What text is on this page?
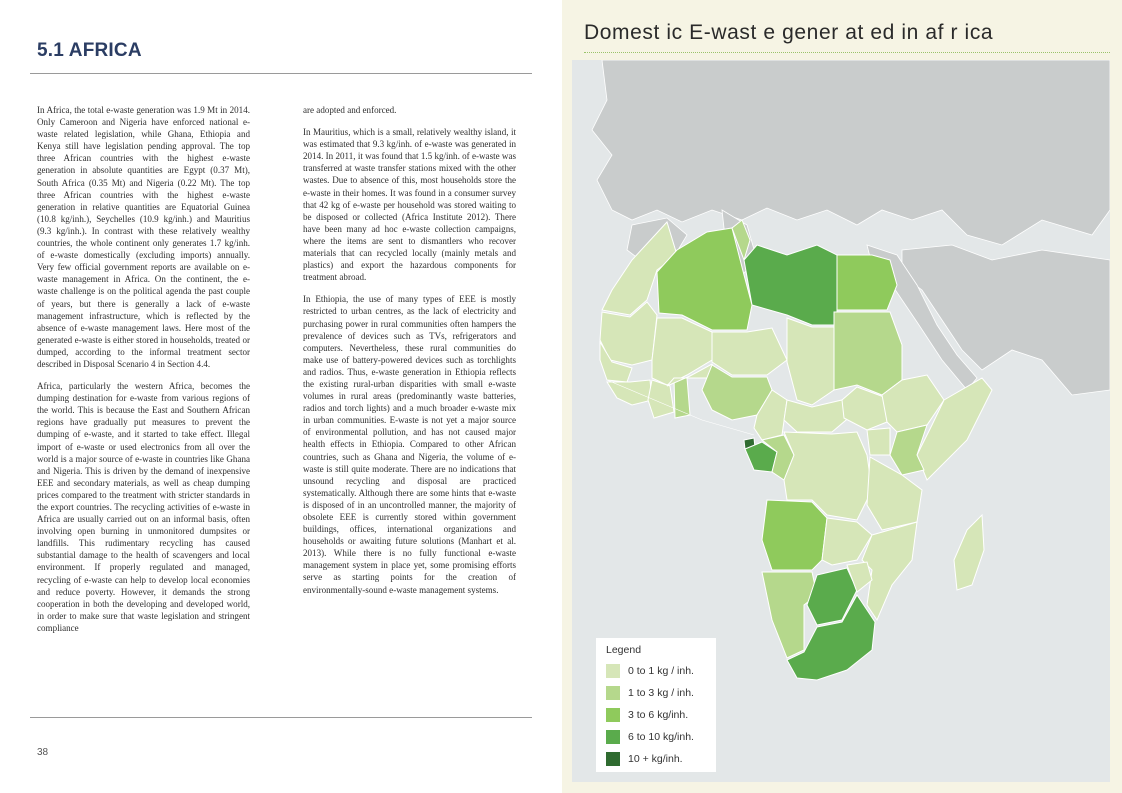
5.1 AFRICA

In Africa, the total e-waste generation was 1.9 Mt in 2014. Only Cameroon and Nigeria have enforced national e-waste related legislation, while Ghana, Ethiopia and Kenya still have legislation pending approval. The top three African countries with the highest e-waste generation in absolute quantities are Egypt (0.37 Mt), South Africa (0.35 Mt) and Nigeria (0.22 Mt). The top three African countries with the highest e-waste generation in relative quantities are Equatorial Guinea (10.8 kg/inh.), Seychelles (10.9 kg/inh.) and Mauritius (9.3 kg/inh.). In contrast with these relatively wealthy countries, the whole continent only generates 1.7 kg/inh. of e-waste domestically (excluding imports) annually. Very few official government reports are available on e-waste management in Africa. On the continent, the e-waste challenge is on the political agenda the past couple of years, but there is generally a lack of e-waste management infrastructure, which is reflected by the absence of e-waste management laws. Here most of the generated e-waste is either stored in households, treated or dumped, according to the informal treatment sector described in Disposal Scenario 4 in Section 4.4.

Africa, particularly the western Africa, becomes the dumping destination for e-waste from various regions of the world. This is because the East and Southern African regions have gradually put measures to prevent the dumping of e-waste, and it started to take effect. Illegal import of e-waste or used electronics from all over the world is a major source of e-waste in countries like Ghana and Nigeria. This is driven by the demand of inexpensive EEE and secondary materials, as well as cheap dumping prices compared to the treatment with stricter standards in the export countries. The recycling activities of e-waste in Africa are usually carried out on an informal basis, often involving open burning in unmonitored dumpsites or landfills. This rudimentary recycling has caused substantial damage to the health of scavengers and local environment. If properly regulated and managed, recycling of e-waste can help to develop local economies and reduce poverty. However, it demands the strong cooperation in both the developing and developed world, in order to make sure that waste legislation and stringent compliance

are adopted and enforced.

In Mauritius, which is a small, relatively wealthy island, it was estimated that 9.3 kg/inh. of e-waste was generated in 2014. In 2011, it was found that 1.5 kg/inh. of e-waste was transferred at waste transfer stations mixed with the other wastes. Due to absence of this, most households store the e-waste in their homes. It was found in a consumer survey that 42 kg of e-waste per household was stored waiting to be disposed or collected (Africa Institute 2012). There have been many ad hoc e-waste collection campaigns, where the items are sent to dismantlers who recover materials that can recycled locally (mainly metals and plastics) and export the hazardous components for treatment abroad.

In Ethiopia, the use of many types of EEE is mostly restricted to urban centres, as the lack of electricity and purchasing power in rural communities often hampers the prevalence of devices such as TVs, refrigerators and computers. Nevertheless, these rural communities do make use of battery-powered devices such as torchlights and radios. Thus, e-waste generation in Ethiopia reflects the existing rural-urban disparities with small e-waste volumes in rural areas (predominantly waste batteries, radios and torch lights) and a much broader e-waste mix in urban communities. E-waste is not yet a major source of environmental pollution, and has not caused major health effects in Ethiopia. Compared to other African countries, such as Ghana and Nigeria, the volume of e-waste is still quite moderate. There are no indications that unsound recycling and disposal are practiced systematically. Although there are some hints that e-waste is disposed of in an uncontrolled manner, the majority of obsolete EEE is currently stored within government buildings, offices, international organizations and households or awaiting future solutions (Manhart et al. 2013). While there is no fully functional e-waste management system in place yet, some promising efforts serve as starting points for the creation of environmentally-sound e-waste management systems.

38
Domest ic E-wast e gener at ed in af r ica
Legend
0 to 1 kg / inh.
1 to 3 kg / inh.
3 to 6 kg/inh.
6 to 10 kg/inh.
10 + kg/inh.
